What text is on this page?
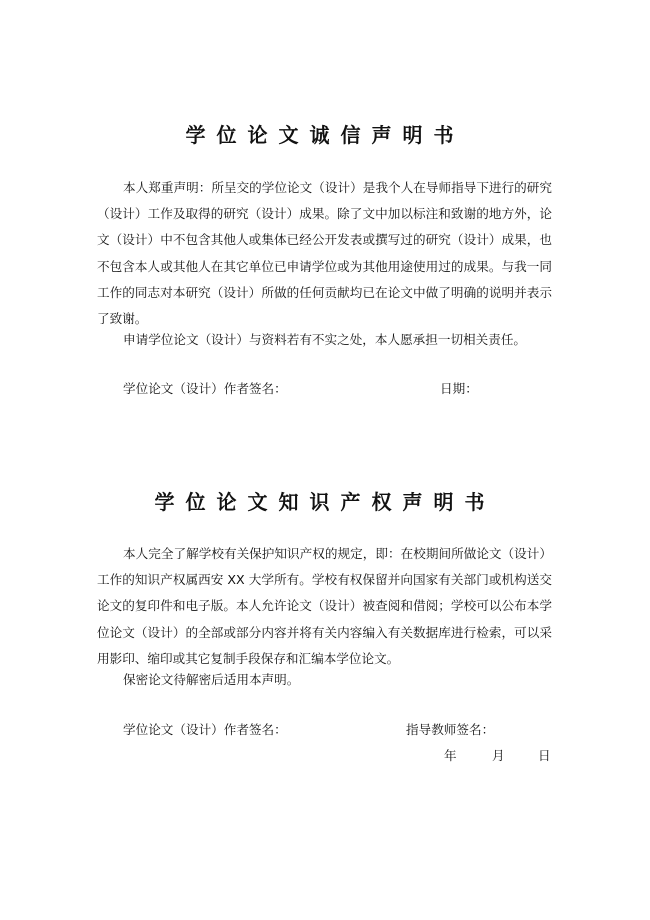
学位论文诚信声明书

本人郑重声明：所呈交的学位论文（设计）是我个人在导师指导下进行的研究（设计）工作及取得的研究（设计）成果。除了文中加以标注和致谢的地方外，论文（设计）中不包含其他人或集体已经公开发表或撰写过的研究（设计）成果，也不包含本人或其他人在其它单位已申请学位或为其他用途使用过的成果。与我一同工作的同志对本研究（设计）所做的任何贡献均已在论文中做了明确的说明并表示了致谢。

申请学位论文（设计）与资料若有不实之处，本人愿承担一切相关责任。

学位论文（设计）作者签名：	日期：
学位论文知识产权声明书

本人完全了解学校有关保护知识产权的规定，即：在校期间所做论文（设计）工作的知识产权属西安 XX 大学所有。学校有权保留并向国家有关部门或机构送交论文的复印件和电子版。本人允许论文（设计）被查阅和借阅；学校可以公布本学位论文（设计）的全部或部分内容并将有关内容编入有关数据库进行检索，可以采用影印、缩印或其它复制手段保存和汇编本学位论文。

保密论文待解密后适用本声明。

学位论文（设计）作者签名：	指导教师签名：
年	月	日
